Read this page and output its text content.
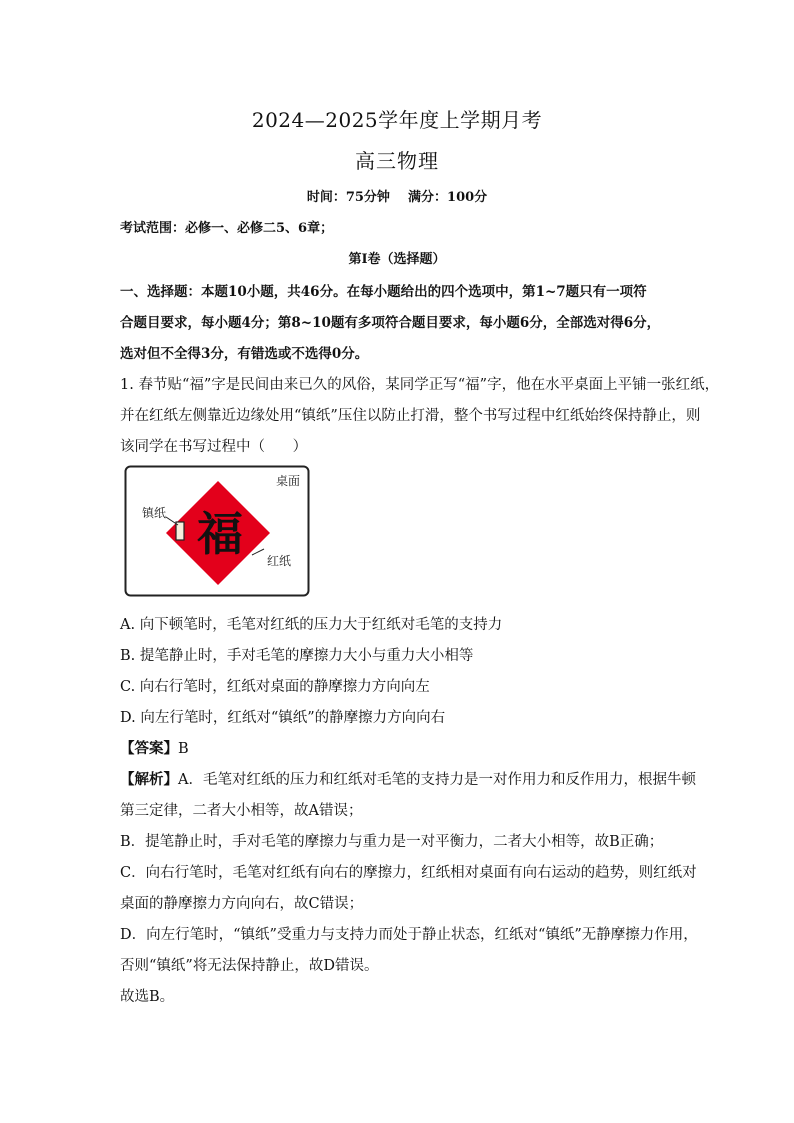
2024—2025学年度上学期月考
高三物理
时间：75分钟    满分：100分
考试范围：必修一、必修二5、6章；
第Ⅰ卷（选择题）
一、选择题：本题10小题，共46分。在每小题给出的四个选项中，第1~7题只有一项符
合题目要求，每小题4分；第8~10题有多项符合题目要求，每小题6分，全部选对得6分，
选对但不全得3分，有错选或不选得0分。
1. 春节贴“福”字是民间由来已久的风俗，某同学正写“福”字，他在水平桌面上平铺一张红纸，
并在红纸左侧靠近边缘处用“镇纸”压住以防止打滑，整个书写过程中红纸始终保持静止，则
该同学在书写过程中（      ）
桌面
福
镇纸
红纸
A. 向下顿笔时，毛笔对红纸的压力大于红纸对毛笔的支持力
B. 提笔静止时，手对毛笔的摩擦力大小与重力大小相等
C. 向右行笔时，红纸对桌面的静摩擦力方向向左
D. 向左行笔时，红纸对“镇纸”的静摩擦力方向向右
【答案】B
【解析】A．毛笔对红纸的压力和红纸对毛笔的支持力是一对作用力和反作用力，根据牛顿
第三定律，二者大小相等，故A错误；
B．提笔静止时，手对毛笔的摩擦力与重力是一对平衡力，二者大小相等，故B正确；
C．向右行笔时，毛笔对红纸有向右的摩擦力，红纸相对桌面有向右运动的趋势，则红纸对
桌面的静摩擦力方向向右，故C错误；
D．向左行笔时，“镇纸”受重力与支持力而处于静止状态，红纸对“镇纸”无静摩擦力作用，
否则“镇纸”将无法保持静止，故D错误。
故选B。
